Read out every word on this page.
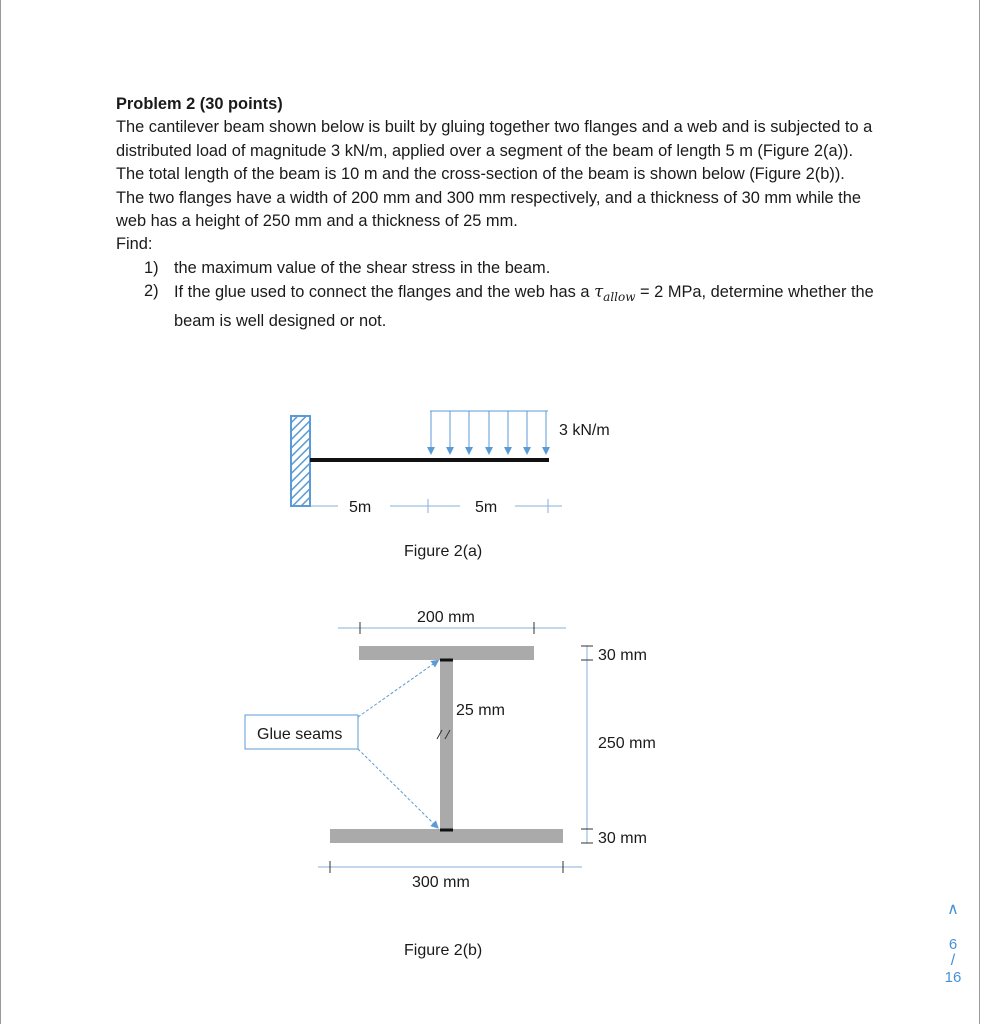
Problem 2 (30 points)

The cantilever beam shown below is built by gluing together two flanges and a web and is subjected to a distributed load of magnitude 3 kN/m, applied over a segment of the beam of length 5 m (Figure 2(a)). The total length of the beam is 10 m and the cross-section of the beam is shown below (Figure 2(b)). The two flanges have a width of 200 mm and 300 mm respectively, and a thickness of 30 mm while the web has a height of 250 mm and a thickness of 25 mm.

Find:

1) the maximum value of the shear stress in the beam.
2) If the glue used to connect the flanges and the web has a $\tau_{allow} = 2$ MPa, determine whether the beam is well designed or not.
3 kN/m
5m	5m
Figure 2(a)
200 mm
25 mm
30 mm
250 mm
30 mm
300 mm
Glue seams
Figure 2(b)
∧
6
/
16
